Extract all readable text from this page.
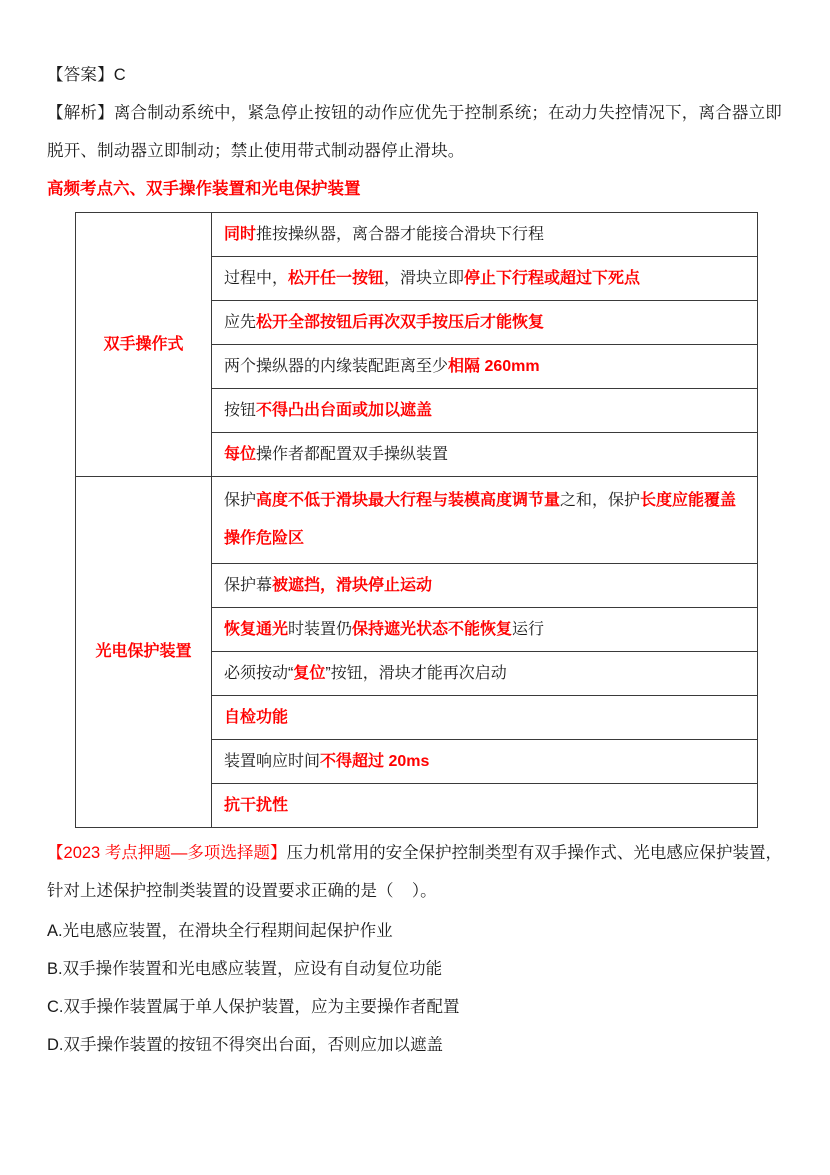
【答案】C
【解析】离合制动系统中，紧急停止按钮的动作应优先于控制系统；在动力失控情况下，离合器立即脱开、制动器立即制动；禁止使用带式制动器停止滑块。
高频考点六、双手操作装置和光电保护装置
双手操作式	同时推按操纵器，离合器才能接合滑块下行程

	过程中，松开任一按钮，滑块立即停止下行程或超过下死点

	应先松开全部按钮后再次双手按压后才能恢复

	两个操纵器的内缘装配距离至少相隔 260mm

	按钮不得凸出台面或加以遮盖

	每位操作者都配置双手操纵装置

光电保护装置	保护高度不低于滑块最大行程与装模高度调节量之和，保护长度应能覆盖操作危险区

	保护幕被遮挡，滑块停止运动

	恢复通光时装置仍保持遮光状态不能恢复运行

	必须按动“复位”按钮，滑块才能再次启动

	自检功能

	装置响应时间不得超过 20ms

	抗干扰性
【2023 考点押题—多项选择题】压力机常用的安全保护控制类型有双手操作式、光电感应保护装置，针对上述保护控制类装置的设置要求正确的是（    ）。
A.光电感应装置，在滑块全行程期间起保护作业
B.双手操作装置和光电感应装置，应设有自动复位功能
C.双手操作装置属于单人保护装置，应为主要操作者配置
D.双手操作装置的按钮不得突出台面，否则应加以遮盖
